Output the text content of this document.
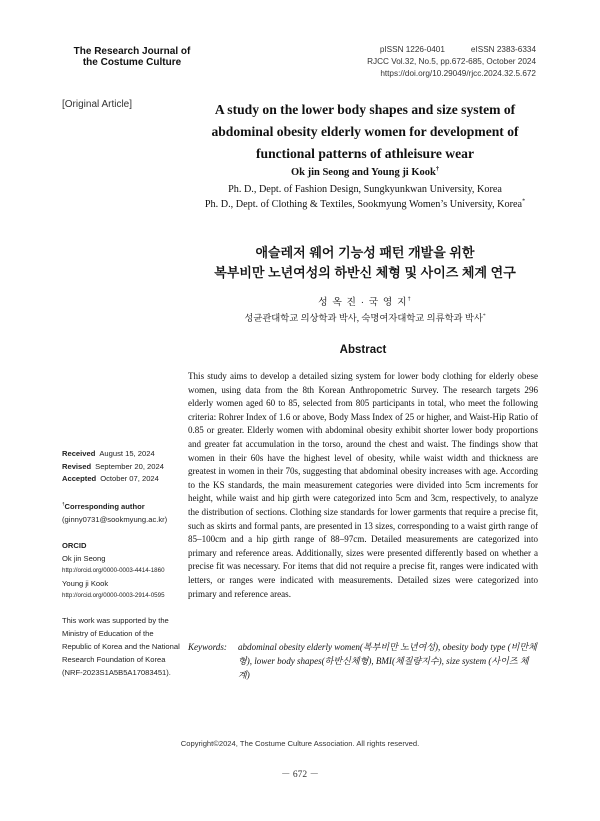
The Research Journal of
the Costume Culture
pISSN 1226-0401	eISSN 2383-6334
RJCC Vol.32, No.5, pp.672-685, October 2024
https://doi.org/10.29049/rjcc.2024.32.5.672
[Original Article]	A study on the lower body shapes and size system of abdominal obesity elderly women for development of functional patterns of athleisure wear
Ok jin Seong and Young ji Kook†
Ph. D., Dept. of Fashion Design, Sungkyunkwan University, Korea
Ph. D., Dept. of Clothing & Textiles, Sookmyung Women’s University, Korea*
애슬레저 웨어 기능성 패턴 개발을 위한
복부비만 노년여성의 하반신 체형 및 사이즈 체계 연구
성 옥 진 · 국 영 지†
성균관대학교 의상학과 박사, 숙명여자대학교 의류학과 박사*
Abstract
This study aims to develop a detailed sizing system for lower body clothing for elderly obese women, using data from the 8th Korean Anthropometric Survey. The research targets 296 elderly women aged 60 to 85, selected from 805 participants in total, who meet the following criteria: Rohrer Index of 1.6 or above, Body Mass Index of 25 or higher, and Waist-Hip Ratio of 0.85 or greater. Elderly women with abdominal obesity exhibit shorter lower body proportions and greater fat accumulation in the torso, around the chest and waist. The findings show that women in their 60s have the highest level of obesity, while waist width and thickness are greatest in women in their 70s, suggesting that abdominal obesity increases with age. According to the KS standards, the main measurement categories were divided into 5cm increments for height, while waist and hip girth were categorized into 5cm and 3cm, respectively, to analyze the distribution of sections. Clothing size standards for lower garments that require a precise fit, such as skirts and formal pants, are presented in 13 sizes, corresponding to a waist girth range of 85–100cm and a hip girth range of 88–97cm. Detailed measurements are categorized into primary and reference areas. Additionally, sizes were presented differently based on whether a precise fit was necessary. For items that did not require a precise fit, ranges were indicated with letters, or ranges were indicated with measurements. Detailed sizes were categorized into primary and reference areas.
Keywords:	abdominal obesity elderly women(복부비만 노년여성), obesity body type (비만체형), lower body shapes(하반신체형), BMI(체질량지수), size system (사이즈 체계)
Received August 15, 2024
Revised September 20, 2024
Accepted October 07, 2024
†Corresponding author
(ginny0731@sookmyung.ac.kr)
ORCID
Ok jin Seong
http://orcid.org/0000-0003-4414-1860
Young ji Kook
http://orcid.org/0000-0003-2914-0595
This work was supported by the Ministry of Education of the Republic of Korea and the National Research Foundation of Korea (NRF-2023S1A5B5A17083451).
Copyright©2024, The Costume Culture Association. All rights reserved.
－ 672 －
